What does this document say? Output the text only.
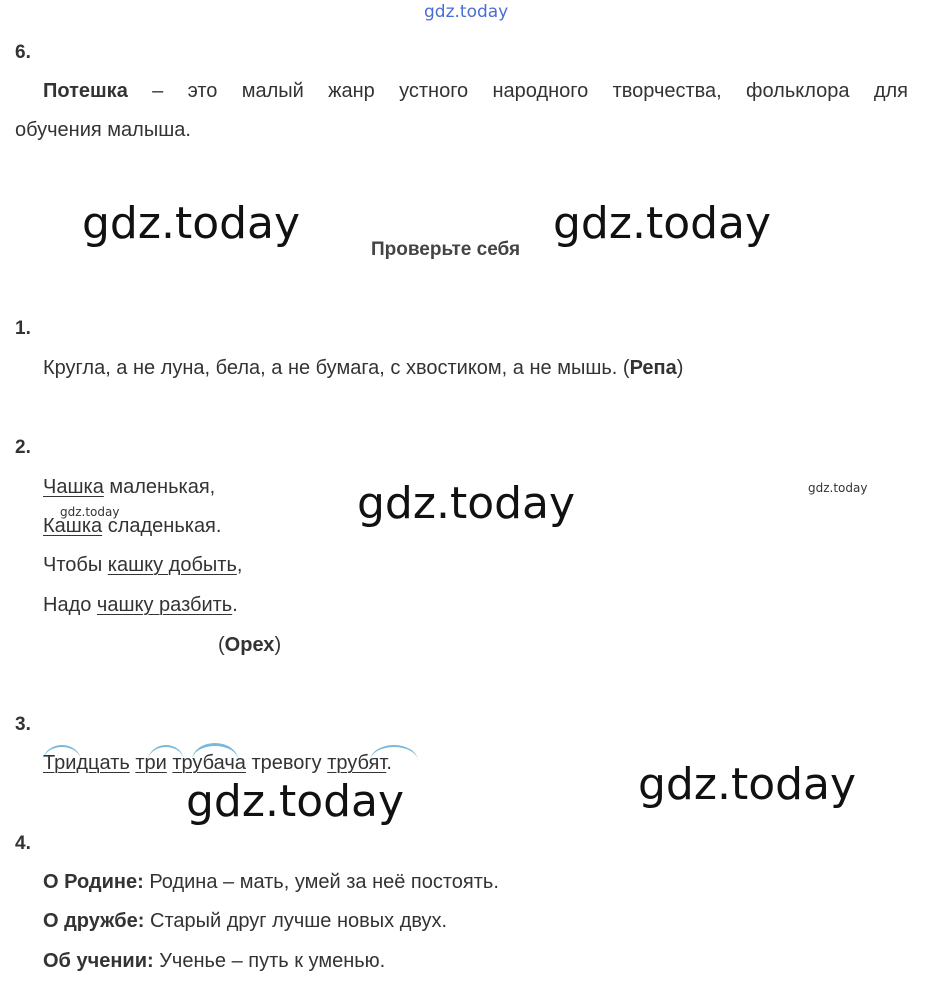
gdz.today
6.
Потешка – это малый жанр устного народного творчества, фольклора для
обучения малыша.
gdz.today	gdz.today
Проверьте себя
1.
Кругла, а не луна, бела, а не бумага, с хвостиком, а не мышь. (Репа)
2.
Чашка маленькая,
gdz.today
Кашка сладенькая.
Чтобы кашку добыть,
Надо чашку разбить.
(Орех)
gdz.today	gdz.today
3.
Тридцать три трубача тревогу трубят.
gdz.today	gdz.today
4.
О Родине: Родина – мать, умей за неё постоять.
О дружбе: Старый друг лучше новых двух.
Об учении: Ученье – путь к уменью.
